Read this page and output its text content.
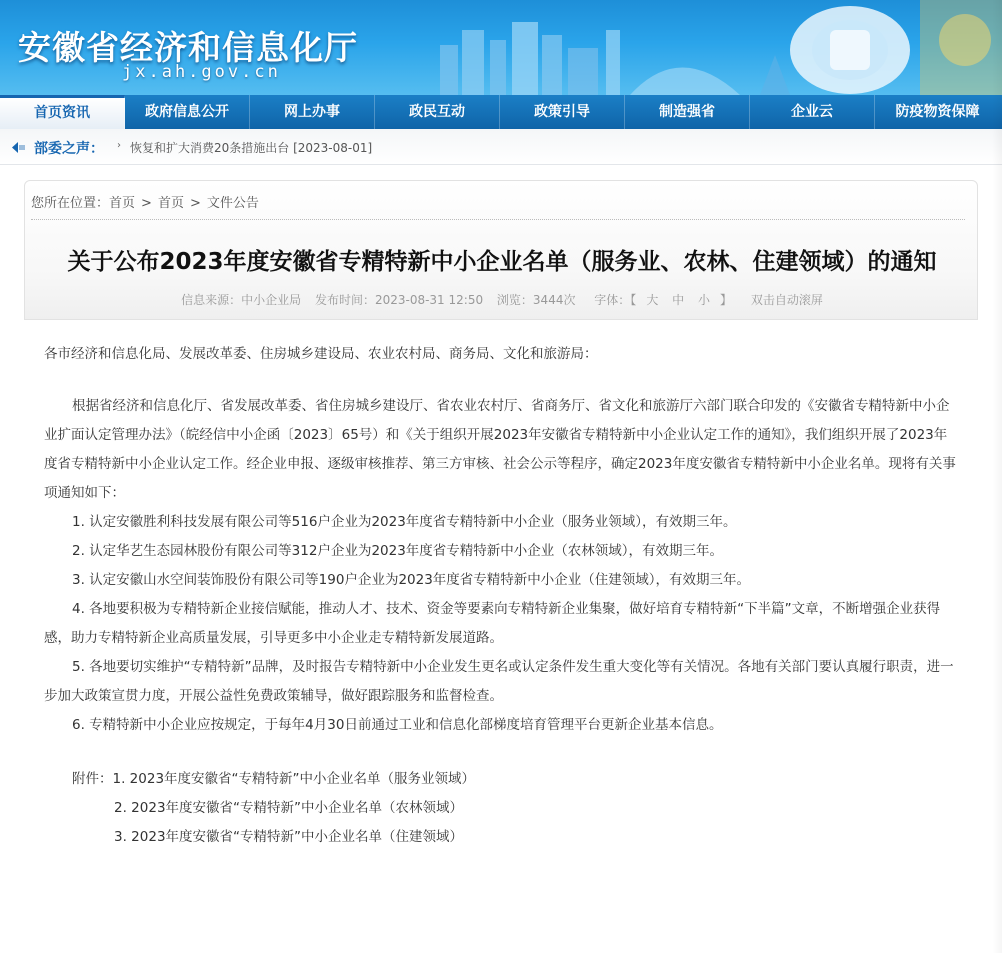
安徽省经济和信息化厅
jx.ah.gov.cn
首页资讯	政府信息公开	网上办事	政民互动	政策引导	制造强省	企业云	防疫物资保障
部委之声： › 恢复和扩大消费20条措施出台 [2023-08-01]
您所在位置：首页 > 首页 > 文件公告
关于公布2023年度安徽省专精特新中小企业名单（服务业、农林、住建领域）的通知
信息来源：中小企业局 发布时间：2023-08-31 12:50 浏览：3444次 字体：【 大 中 小 】 双击自动滚屏
各市经济和信息化局、发展改革委、住房城乡建设局、农业农村局、商务局、文化和旅游局：
根据省经济和信息化厅、省发展改革委、省住房城乡建设厅、省农业农村厅、省商务厅、省文化和旅游厅六部门联合印发的《安徽省专精特新中小企业扩面认定管理办法》（皖经信中小企函〔2023〕65号）和《关于组织开展2023年安徽省专精特新中小企业认定工作的通知》，我们组织开展了2023年度省专精特新中小企业认定工作。经企业申报、逐级审核推荐、第三方审核、社会公示等程序，确定2023年度安徽省专精特新中小企业名单。现将有关事项通知如下：
1. 认定安徽胜利科技发展有限公司等516户企业为2023年度省专精特新中小企业（服务业领域），有效期三年。
2. 认定华艺生态园林股份有限公司等312户企业为2023年度省专精特新中小企业（农林领域），有效期三年。
3. 认定安徽山水空间装饰股份有限公司等190户企业为2023年度省专精特新中小企业（住建领域），有效期三年。
4. 各地要积极为专精特新企业接信赋能，推动人才、技术、资金等要素向专精特新企业集聚，做好培育专精特新“下半篇”文章，不断增强企业获得感，助力专精特新企业高质量发展，引导更多中小企业走专精特新发展道路。
5. 各地要切实维护“专精特新”品牌，及时报告专精特新中小企业发生更名或认定条件发生重大变化等有关情况。各地有关部门要认真履行职责，进一步加大政策宣贯力度，开展公益性免费政策辅导，做好跟踪服务和监督检查。
6. 专精特新中小企业应按规定，于每年4月30日前通过工业和信息化部梯度培育管理平台更新企业基本信息。
附件：1. 2023年度安徽省“专精特新”中小企业名单（服务业领域）
2. 2023年度安徽省“专精特新”中小企业名单（农林领域）
3. 2023年度安徽省“专精特新”中小企业名单（住建领域）
